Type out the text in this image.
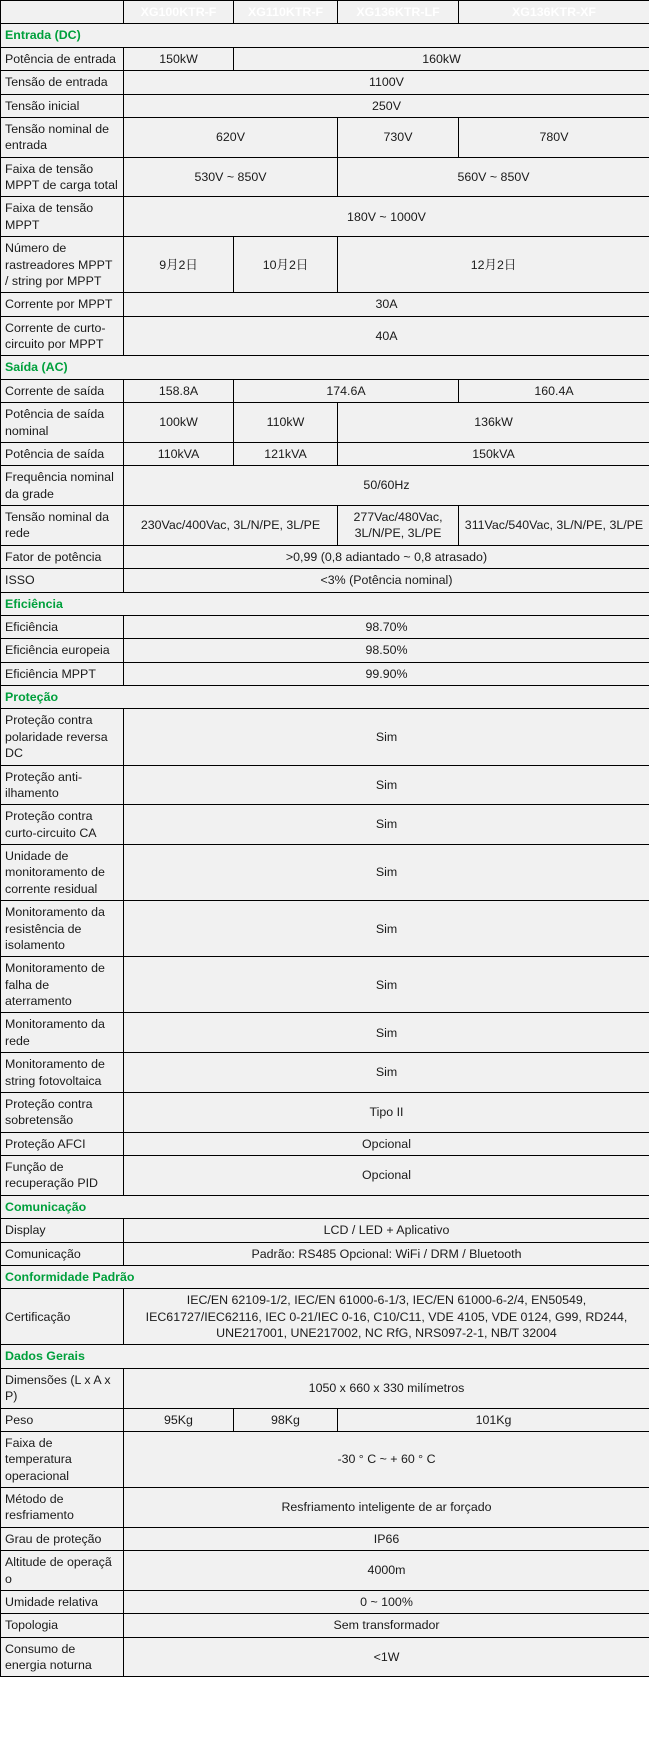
	XG100KTR-F	XG110KTR-F	XG136KTR-LF	XG136KTR-XF
Entrada (DC)				
Potência de entrada	150kW	160kW		
Tensão de entrada	1100V			
Tensão inicial	250V			
Tensão nominal de entrada	620V		730V	780V
Faixa de tensão MPPT de carga total	530V ~ 850V		560V ~ 850V	
Faixa de tensão MPPT	180V ~ 1000V			
Número de rastreadores MPPT / string por MPPT	9月2日	10月2日	12月2日	
Corrente por MPPT	30A			
Corrente de curto-circuito por MPPT	40A			
Saída (AC)				
Corrente de saída	158.8A	174.6A		160.4A
Potência de saída nominal	100kW	110kW	136kW	
Potência de saída	110kVA	121kVA	150kVA	
Frequência nominal da grade	50/60Hz			
Tensão nominal da rede	230Vac/400Vac, 3L/N/PE, 3L/PE		277Vac/480Vac, 3L/N/PE, 3L/PE	311Vac/540Vac, 3L/N/PE, 3L/PE
Fator de potência	>0,99 (0,8 adiantado ~ 0,8 atrasado)			
ISSO	<3% (Potência nominal)			
Eficiência				
Eficiência	98.70%			
Eficiência europeia	98.50%			
Eficiência MPPT	99.90%			
Proteção				
Proteção contra polaridade reversa DC	Sim			
Proteção anti-ilhamento	Sim			
Proteção contra curto-circuito CA	Sim			
Unidade de monitoramento de corrente residual	Sim			
Monitoramento da resistência de isolamento	Sim			
Monitoramento de falha de aterramento	Sim			
Monitoramento da rede	Sim			
Monitoramento de string fotovoltaica	Sim			
Proteção contra sobretensão	Tipo II			
Proteção AFCI	Opcional			
Função de recuperação PID	Opcional			
Comunicação				
Display	LCD / LED + Aplicativo			
Comunicação	Padrão: RS485 Opcional: WiFi / DRM / Bluetooth			
Conformidade Padrão				
Certificação	IEC/EN 62109-1/2, IEC/EN 61000-6-1/3, IEC/EN 61000-6-2/4, EN50549, IEC61727/IEC62116, IEC 0-21/IEC 0-16, C10/C11, VDE 4105, VDE 0124, G99, RD244, UNE217001, UNE217002, NC RfG, NRS097-2-1, NB/T 32004			
Dados Gerais				
Dimensões (L x A x P)	1050 x 660 x 330 milímetros			
Peso	95Kg	98Kg	101Kg	
Faixa de temperatura operacional	-30 ° C ~ + 60 ° C			
Método de resfriamento	Resfriamento inteligente de ar forçado			
Grau de proteção	IP66			
Altitude de operaçã o	4000m			
Umidade relativa	0 ~ 100%			
Topologia	Sem transformador			
Consumo de energia noturna	<1W			
